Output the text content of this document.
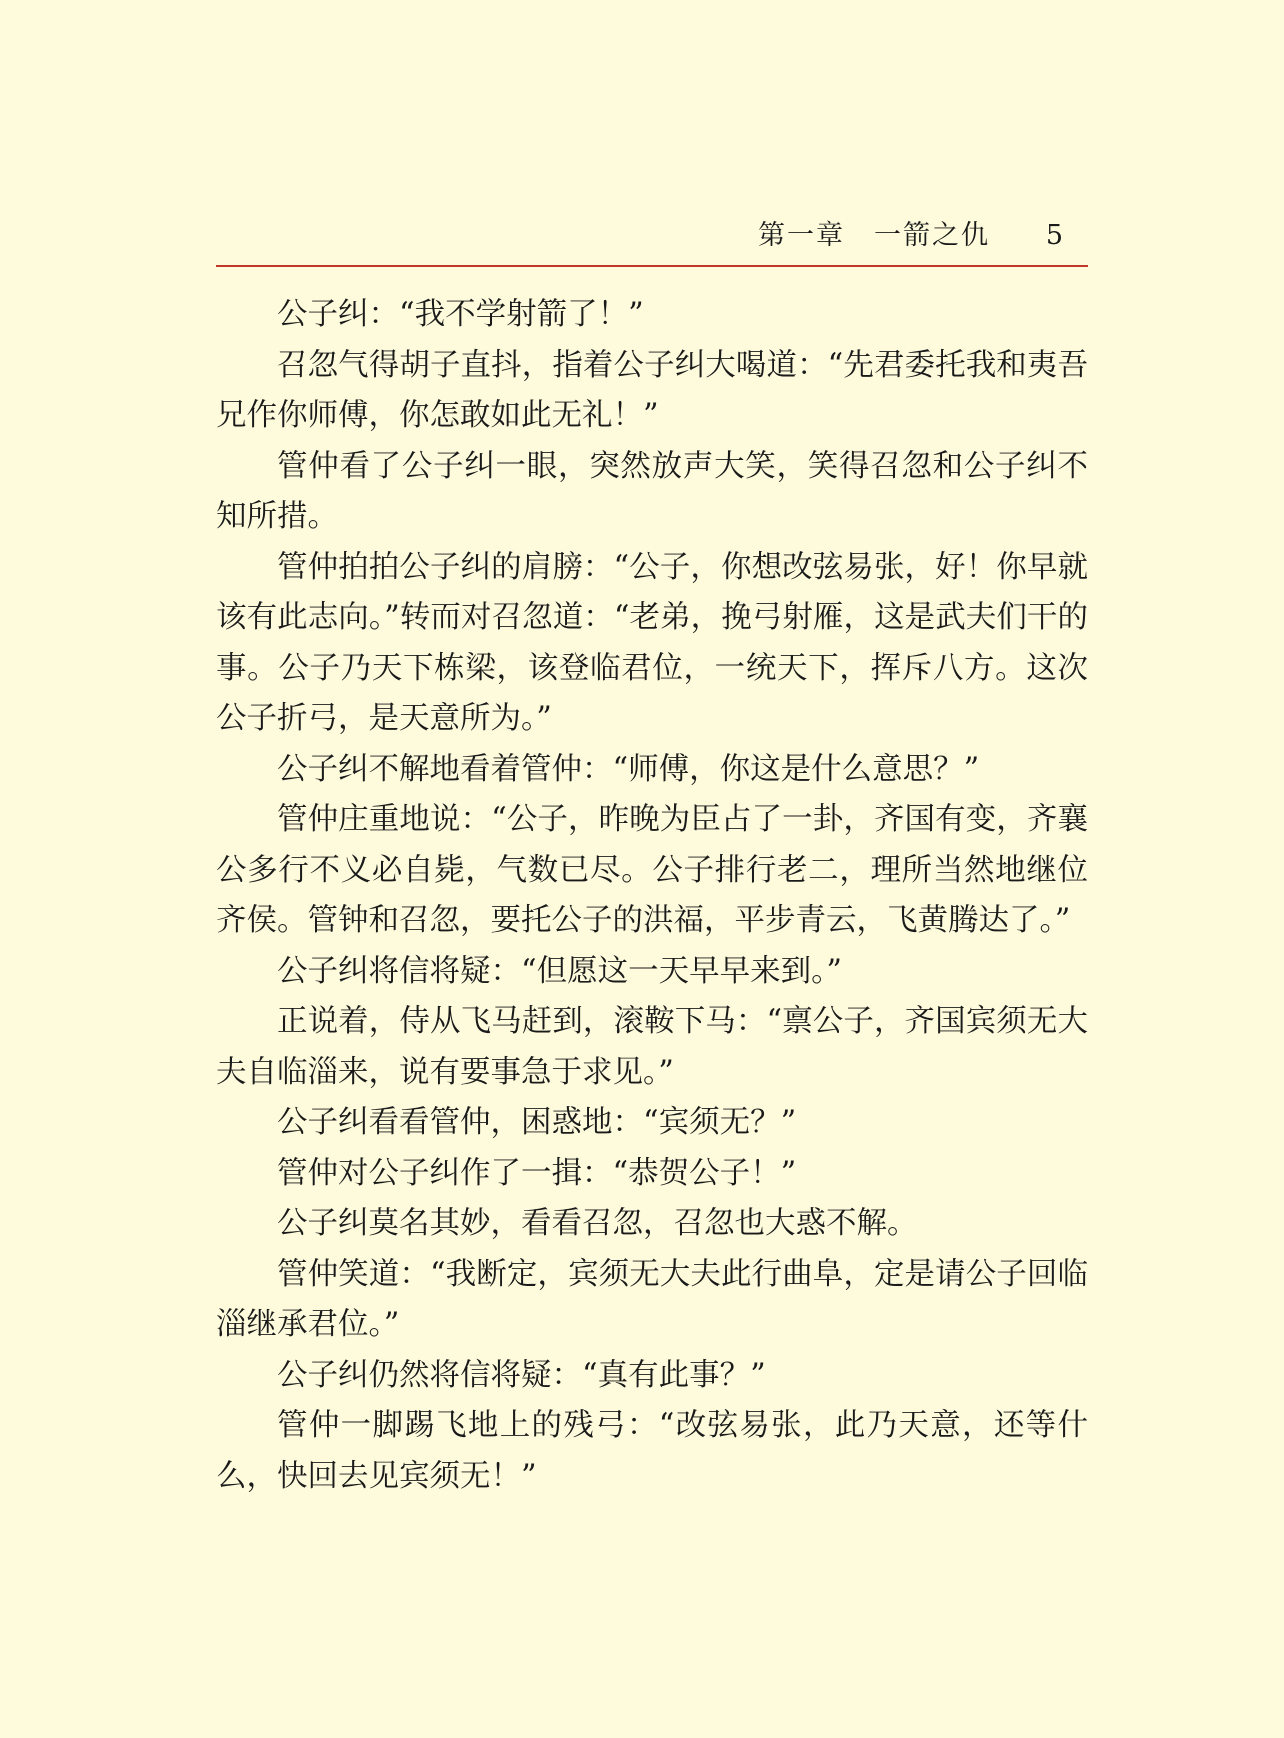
第一章　一箭之仇 5

公子纠：“我不学射箭了！”

召忽气得胡子直抖，指着公子纠大喝道：“先君委托我和夷吾兄作你师傅，你怎敢如此无礼！”

管仲看了公子纠一眼，突然放声大笑，笑得召忽和公子纠不知所措。

管仲拍拍公子纠的肩膀：“公子，你想改弦易张，好！你早就该有此志向。”转而对召忽道：“老弟，挽弓射雁，这是武夫们干的事。公子乃天下栋梁，该登临君位，一统天下，挥斥八方。这次公子折弓，是天意所为。”

公子纠不解地看着管仲：“师傅，你这是什么意思？”

管仲庄重地说：“公子，昨晚为臣占了一卦，齐国有变，齐襄公多行不义必自毙，气数已尽。公子排行老二，理所当然地继位齐侯。管钟和召忽，要托公子的洪福，平步青云，飞黄腾达了。”

公子纠将信将疑：“但愿这一天早早来到。”

正说着，侍从飞马赶到，滚鞍下马：“禀公子，齐国宾须无大夫自临淄来，说有要事急于求见。”

公子纠看看管仲，困惑地：“宾须无？”

管仲对公子纠作了一揖：“恭贺公子！”

公子纠莫名其妙，看看召忽，召忽也大惑不解。

管仲笑道：“我断定，宾须无大夫此行曲阜，定是请公子回临淄继承君位。”

公子纠仍然将信将疑：“真有此事？”

管仲一脚踢飞地上的残弓：“改弦易张，此乃天意，还等什么，快回去见宾须无！”
